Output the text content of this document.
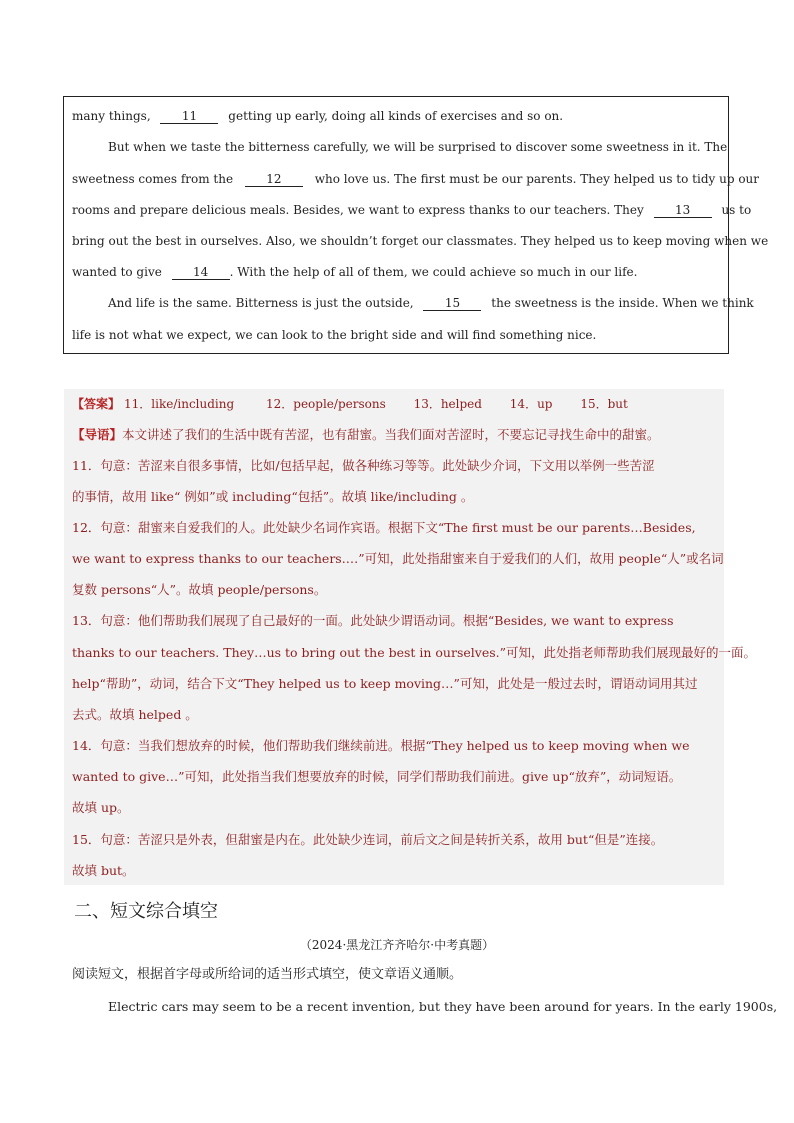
many things,	11	getting up early, doing all kinds of exercises and so on.
But when we taste the bitterness carefully, we will be surprised to discover some sweetness in it. The
sweetness comes from the	12	who love us. The first must be our parents. They helped us to tidy up our
rooms and prepare delicious meals. Besides, we want to express thanks to our teachers. They	13	us to
bring out the best in ourselves. Also, we shouldn’t forget our classmates. They helped us to keep moving when we
wanted to give	14 . With the help of all of them, we could achieve so much in our life.
And life is the same. Bitterness is just the outside,	15	the sweetness is the inside. When we think
life is not what we expect, we can look to the bright side and will find something nice.
【答案】 11．like/including	12．people/persons 13．helped 14．up 15．but
【导语】本文讲述了我们的生活中既有苦涩，也有甜蜜。当我们面对苦涩时，不要忘记寻找生命中的甜蜜。
11．句意：苦涩来自很多事情，比如/包括早起，做各种练习等等。此处缺少介词，下文用以举例一些苦涩
的事情，故用 like“ 例如”或 including“包括”。故填 like/including 。
12．句意：甜蜜来自爱我们的人。此处缺少名词作宾语。根据下文“The first must be our parents…Besides,
we want to express thanks to our teachers.…”可知，此处指甜蜜来自于爱我们的人们，故用 people“人”或名词
复数 persons“人”。故填 people/persons。
13．句意：他们帮助我们展现了自己最好的一面。此处缺少谓语动词。根据“Besides, we want to express
thanks to our teachers. They…us to bring out the best in ourselves.”可知，此处指老师帮助我们展现最好的一面。
help“帮助”，动词，结合下文“They helped us to keep moving…”可知，此处是一般过去时，谓语动词用其过
去式。故填 helped 。
14．句意：当我们想放弃的时候，他们帮助我们继续前进。根据“They helped us to keep moving when we
wanted to give…”可知，此处指当我们想要放弃的时候，同学们帮助我们前进。give up“放弃”，动词短语。
故填 up。
15．句意：苦涩只是外表，但甜蜜是内在。此处缺少连词，前后文之间是转折关系，故用 but“但是”连接。
故填 but。
二、短文综合填空
（2024·黑龙江齐齐哈尔·中考真题）
阅读短文，根据首字母或所给词的适当形式填空，使文章语义通顺。
Electric cars may seem to be a recent invention, but they have been around for years. In the early 1900s,
